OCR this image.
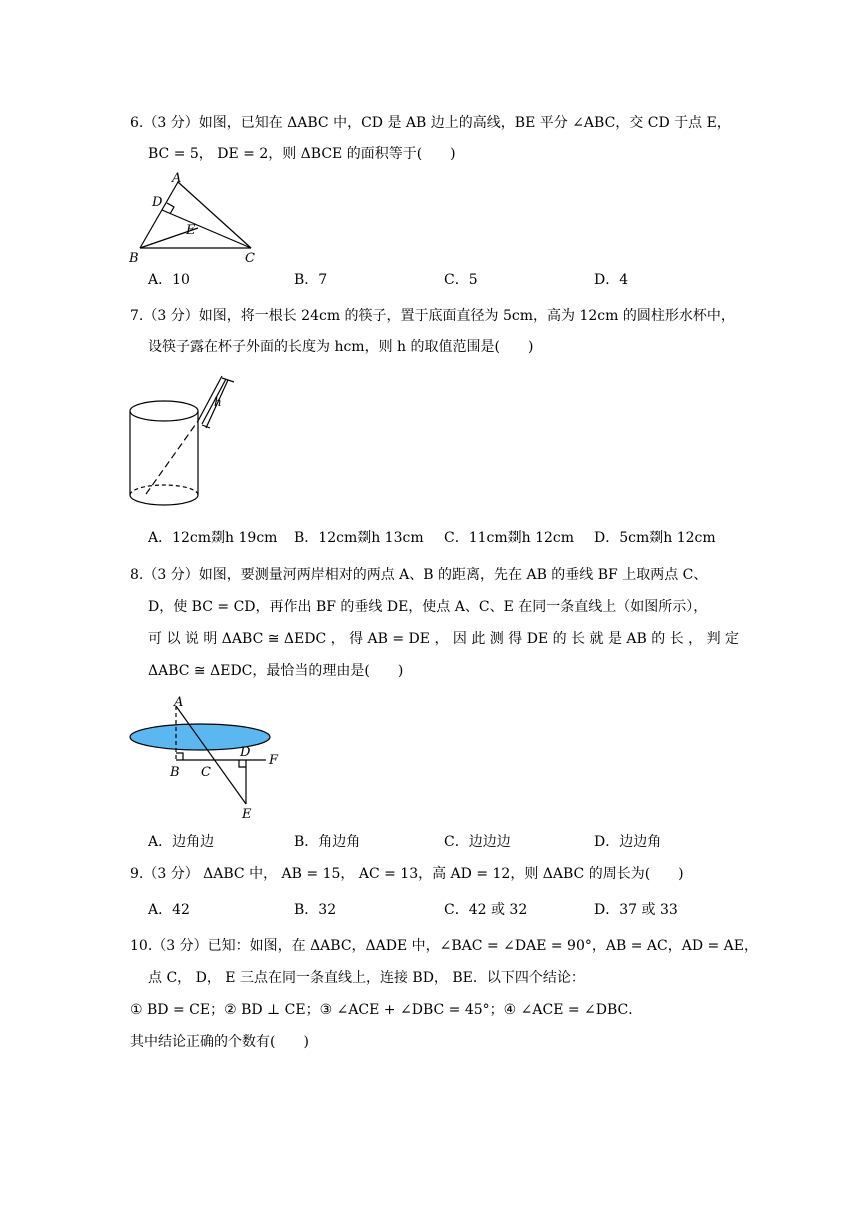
6.（3 分）如图，已知在 ΔABC 中，CD 是 AB 边上的高线，BE 平分 ∠ABC，交 CD 于点 E，
BC = 5， DE = 2，则 ΔBCE 的面积等于(　　)
A
D
E
B	C
A．10	B．7	C．5	D．4
7.（3 分）如图，将一根长 24cm 的筷子，置于底面直径为 5cm，高为 12cm 的圆柱形水杯中，
设筷子露在杯子外面的长度为 hcm，则 h 的取值范围是(　　)
h
A．12cm剟h 19cm B．12cm剟h 13cm C．11cm剟h 12cm D．5cm剟h 12cm
8.（3 分）如图，要测量河两岸相对的两点 A、B 的距离，先在 AB 的垂线 BF 上取两点 C、
D，使 BC = CD，再作出 BF 的垂线 DE，使点 A、C、E 在同一条直线上（如图所示），
可 以 说 明 ΔABC ≅ ΔEDC ， 得 AB = DE ， 因 此 测 得 DE 的 长 就 是 AB 的 长 ， 判 定
ΔABC ≅ ΔEDC，最恰当的理由是(　　)
A
D
F
B C
E
A．边角边	B．角边角	C．边边边	D．边边角
9.（3 分） ΔABC 中， AB = 15， AC = 13，高 AD = 12，则 ΔABC 的周长为(　　)
A．42	B．32	C．42 或 32	D．37 或 33
10.（3 分）已知：如图，在 ΔABC，ΔADE 中，∠BAC = ∠DAE = 90°，AB = AC，AD = AE，
点 C， D， E 三点在同一条直线上，连接 BD， BE．以下四个结论：
① BD = CE；② BD ⊥ CE；③ ∠ACE + ∠DBC = 45°；④ ∠ACE = ∠DBC．
其中结论正确的个数有(　　)
